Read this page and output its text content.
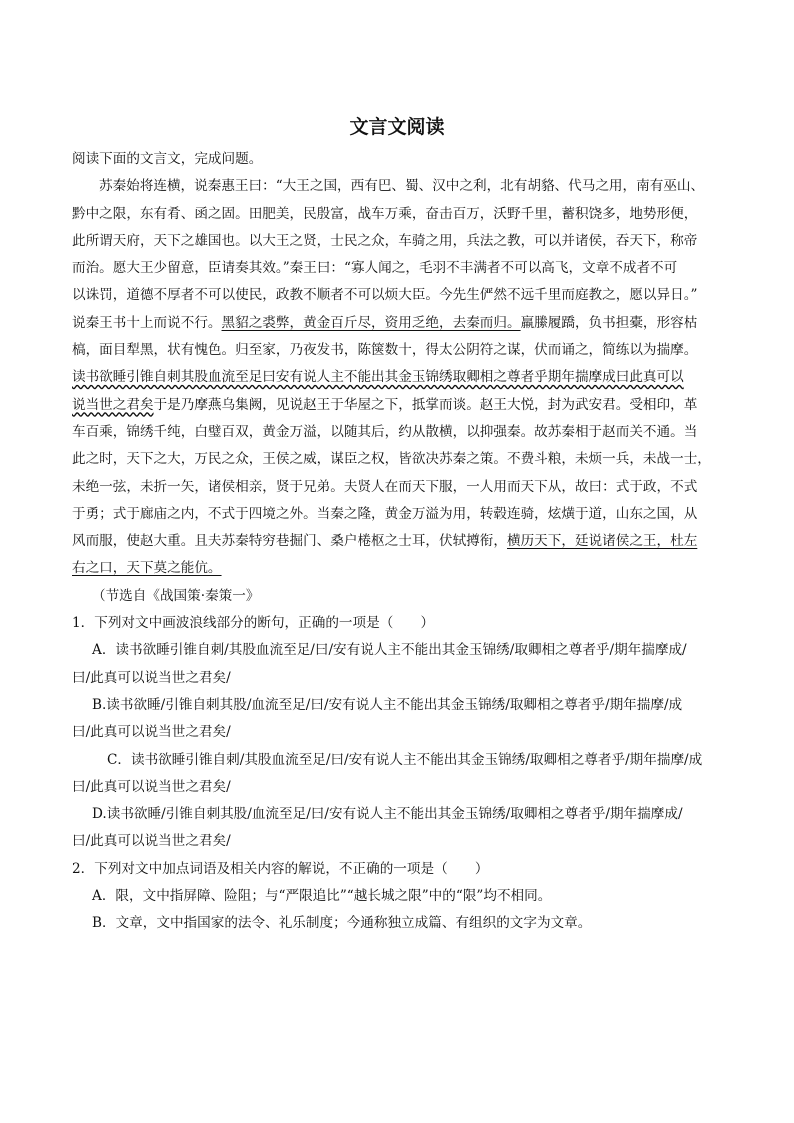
文言文阅读
阅读下面的文言文，完成问题。
苏秦始将连横，说秦惠王曰：“大王之国，西有巴、蜀、汉中之利，北有胡貉、代马之用，南有巫山、
黔中之限，东有肴、函之固。田肥美，民殷富，战车万乘，奋击百万，沃野千里，蓄积饶多，地势形便，
此所谓天府，天下之雄国也。以大王之贤，士民之众，车骑之用，兵法之教，可以并诸侯，吞天下，称帝
而治。愿大王少留意，臣请奏其效。”秦王曰：“寡人闻之，毛羽不丰满者不可以高飞，文章不成者不可
以诛罚，道德不厚者不可以使民，政教不顺者不可以烦大臣。今先生俨然不远千里而庭教之，愿以异日。”
说秦王书十上而说不行。黑貂之裘弊，黄金百斤尽，资用乏绝，去秦而归。羸縢履蹻，负书担橐，形容枯
槁，面目犁黑，状有愧色。归至家，乃夜发书，陈箧数十，得太公阴符之谋，伏而诵之，简练以为揣摩。
读书欲睡引锥自刺其股血流至足曰安有说人主不能出其金玉锦绣取卿相之尊者乎期年揣摩成曰此真可以
说当世之君矣于是乃摩燕乌集阙，见说赵王于华屋之下，抵掌而谈。赵王大悦，封为武安君。受相印，革
车百乘，锦绣千纯，白璧百双，黄金万溢，以随其后，约从散横，以抑强秦。故苏秦相于赵而关不通。当
此之时，天下之大，万民之众，王侯之威，谋臣之权，皆欲决苏秦之策。不费斗粮，未烦一兵，未战一士，
未绝一弦，未折一矢，诸侯相亲，贤于兄弟。夫贤人在而天下服，一人用而天下从，故曰：式于政，不式
于勇；式于廊庙之内，不式于四境之外。当秦之隆，黄金万溢为用，转毂连骑，炫熿于道，山东之国，从
风而服，使赵大重。且夫苏秦特穷巷掘门、桑户棬枢之士耳，伏轼撙衔，横历天下，廷说诸侯之王，杜左
右之口，天下莫之能伉。
（节选自《战国策·秦策一》
1．下列对文中画波浪线部分的断句，正确的一项是（　　）
A．读书欲睡引锥自刺/其股血流至足/曰/安有说人主不能出其金玉锦绣/取卿相之尊者乎/期年揣摩成/
曰/此真可以说当世之君矣/
B.读书欲睡/引锥自刺其股/血流至足/曰/安有说人主不能出其金玉锦绣/取卿相之尊者乎/期年揣摩/成
曰/此真可以说当世之君矣/
C．读书欲睡引锥自刺/其股血流至足/曰/安有说人主不能出其金玉锦绣/取卿相之尊者乎/期年揣摩/成
曰/此真可以说当世之君矣/
D.读书欲睡/引锥自刺其股/血流至足/曰/安有说人主不能出其金玉锦绣/取卿相之尊者乎/期年揣摩成/
曰/此真可以说当世之君矣/
2．下列对文中加点词语及相关内容的解说，不正确的一项是（　　）
A．限，文中指屏障、险阻；与“严限追比”“越长城之限”中的“限”均不相同。
B．文章，文中指国家的法令、礼乐制度；今通称独立成篇、有组织的文字为文章。
